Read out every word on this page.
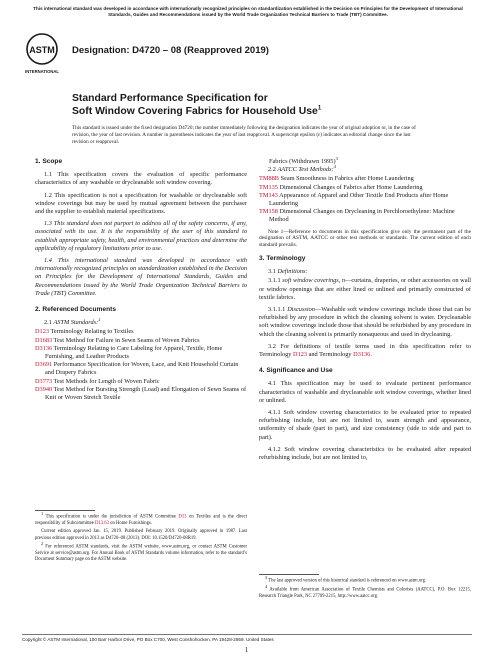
This international standard was developed in accordance with internationally recognized principles on standardization established in the Decision on Principles for the Development of International Standards, Guides and Recommendations issued by the World Trade Organization Technical Barriers to Trade (TBT) Committee.
ASTM
INTERNATIONAL
Designation: D4720 – 08 (Reapproved 2019)
Standard Performance Specification for
Soft Window Covering Fabrics for Household Use$^1$
This standard is issued under the fixed designation D4720; the number immediately following the designation indicates the year of original adoption or, in the case of revision, the year of last revision. A number in parentheses indicates the year of last reapproval. A superscript epsilon (ε) indicates an editorial change since the last revision or reapproval.
1. Scope

1.1 This specification covers the evaluation of specific performance characteristics of any washable or drycleanable soft window covering.

1.2 This specification is not a specification for washable or drycleanable soft window coverings but may be used by mutual agreement between the purchaser and the supplier to establish material specifications.

1.3 This standard does not purport to address all of the safety concerns, if any, associated with its use. It is the responsibility of the user of this standard to establish appropriate safety, health, and environmental practices and determine the applicability of regulatory limitations prior to use.

1.4 This international standard was developed in accordance with internationally recognized principles on standardization established in the Decision on Principles for the Development of International Standards, Guides and Recommendations issued by the World Trade Organization Technical Barriers to Trade (TBT) Committee.

2. Referenced Documents

2.1 ASTM Standards:$^2$

D123 Terminology Relating to Textiles

D1683 Test Method for Failure in Sewn Seams of Woven Fabrics

D3136 Terminology Relating to Care Labeling for Apparel, Textile, Home Furnishing, and Leather Products

D3691 Performance Specification for Woven, Lace, and Knit Household Curtain and Drapery Fabrics

D3773 Test Methods for Length of Woven Fabric

D3940 Test Method for Bursting Strength (Load) and Elongation of Sewn Seams of Knit or Woven Stretch Textile

$^1$ This specification is under the jurisdiction of ASTM Committee D13 on Textiles and is the direct responsibility of Subcommittee D13.63 on Home Furnishings.

Current edition approved Jan. 15, 2019. Published February 2019. Originally approved in 1987. Last previous edition approved in 2013 as D4720–08 (2013). DOI: 10.1520/D4720-08R19.

$^2$ For referenced ASTM standards, visit the ASTM website, www.astm.org, or contact ASTM Customer Service at service@astm.org. For Annual Book of ASTM Standards volume information, refer to the standard’s Document Summary page on the ASTM website.

Fabrics (Withdrawn 1995)$^3$

2.2 AATCC Test Methods:$^4$

TM88B Seam Smoothness in Fabrics after Home Laundering

TM135 Dimensional Changes of Fabrics after Home Laundering

TM143 Appearance of Apparel and Other Textile End Products after Home Laundering

TM158 Dimensional Changes on Drycleaning in Perchloroethylene: Machine Method

Note 1—Reference to documents in this specification give only the permanent part of the designation of ASTM, AATCC or other test methods or standards. The current edition of each standard prevails.

3. Terminology

3.1 Definitions:

3.1.1 soft window coverings, n—curtains, draperies, or other accessories on wall or window openings that are either lined or unlined and primarily constructed of textile fabrics.

3.1.1.1 Discussion—Washable soft window coverings include those that can be refurbished by any procedure in which the cleaning solvent is water. Drycleanable soft window coverings include those that should be refurbished by any procedure in which the cleaning solvent is primarily nonaqueous and used in drycleaning.

3.2 For definitions of textile terms used in this specification refer to Terminology D123 and Terminology D3136.

4. Significance and Use

4.1 This specification may be used to evaluate pertinent performance characteristics of washable and drycleanable soft window coverings, whether lined or unlined.

4.1.1 Soft window covering characteristics to be evaluated prior to repeated refurbishing include, but are not limited to, seam strength and appearance, uniformity of shade (part to part), and size consistency (side to side and part to part).

4.1.2 Soft window covering characteristics to be evaluated after repeated refurbishing include, but are not limited to,

$^3$ The last approved version of this historical standard is referenced on www.astm.org.

$^4$ Available from American Association of Textile Chemists and Colorists (AATCC), P.O. Box 12215, Research Triangle Park, NC 27709-2215, http://www.aatcc.org.

Copyright © ASTM International, 100 Barr Harbor Drive, PO Box C700, West Conshohocken, PA 19428-2959. United States
1
